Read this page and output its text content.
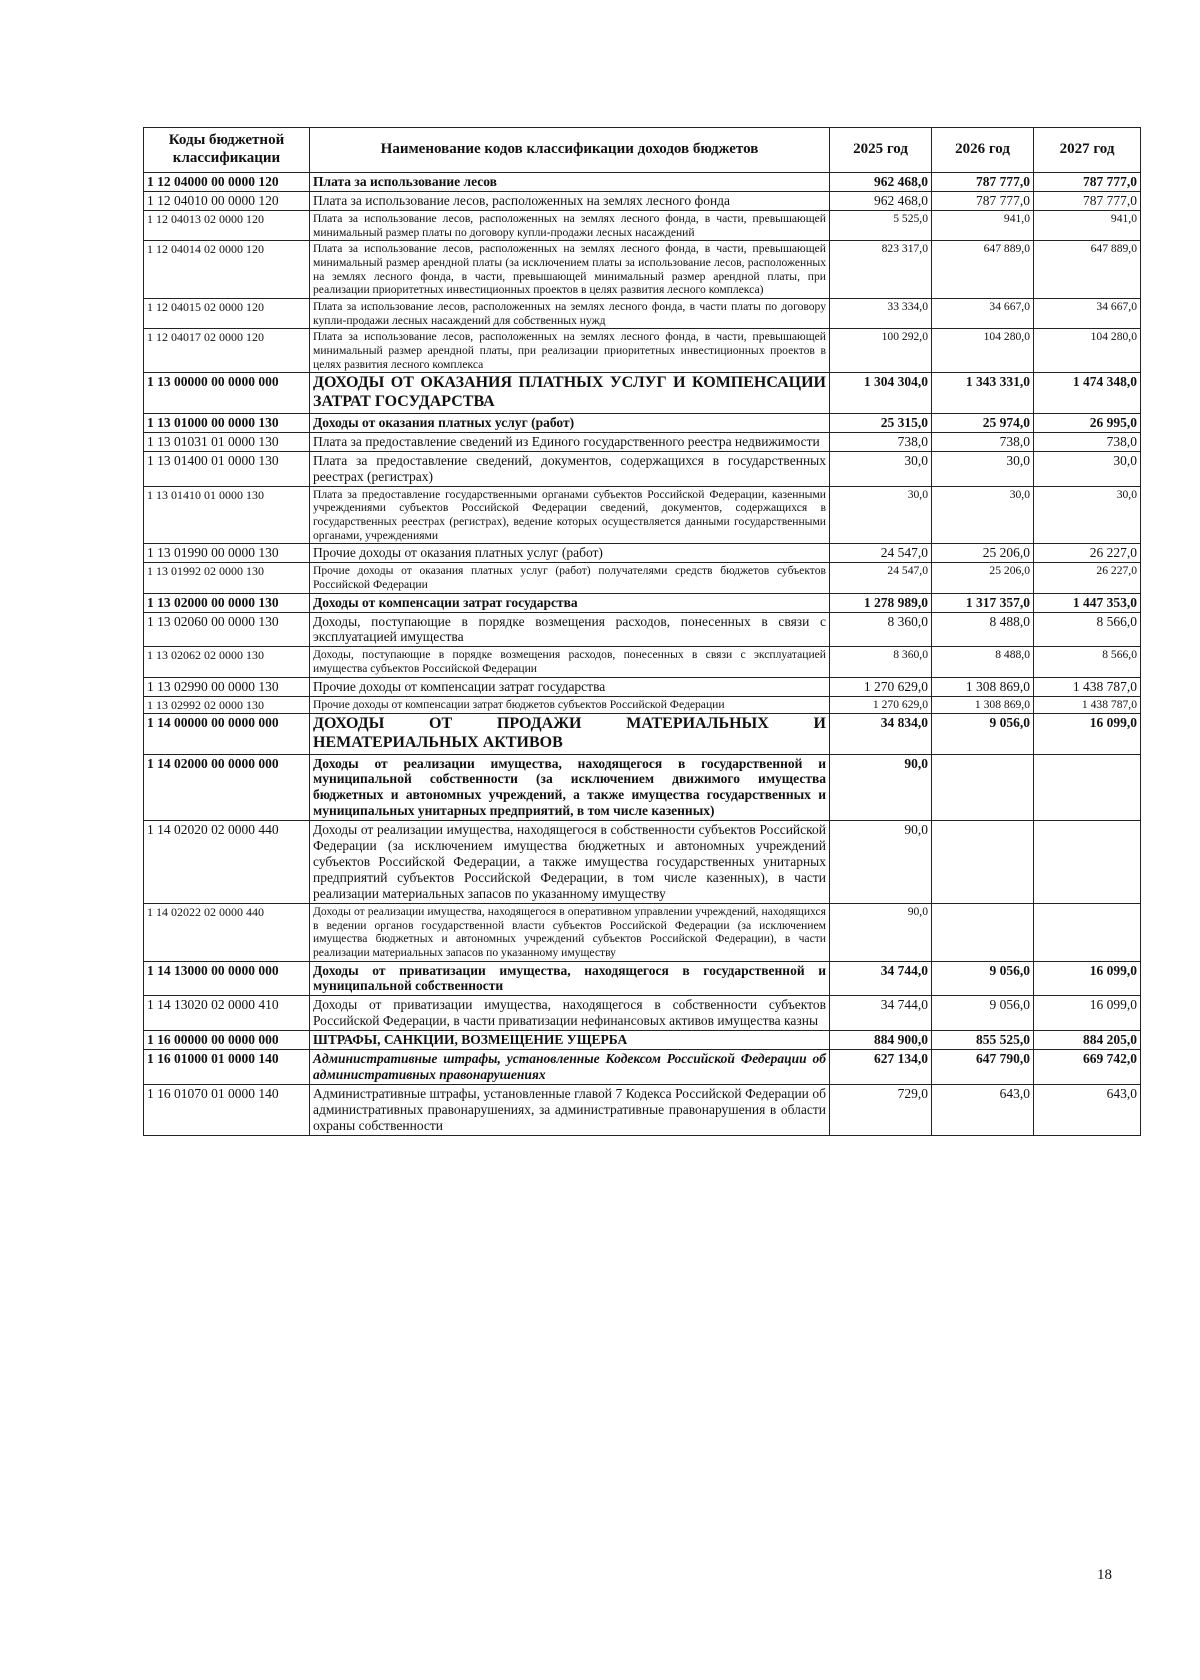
Коды бюджетной классификации	Наименование кодов классификации доходов бюджетов	2025 год	2026 год	2027 год
1 12 04000 00 0000 120	Плата за использование лесов	962 468,0	787 777,0	787 777,0
1 12 04010 00 0000 120	Плата за использование лесов, расположенных на землях лесного фонда	962 468,0	787 777,0	787 777,0
1 12 04013 02 0000 120	Плата за использование лесов, расположенных на землях лесного фонда, в части, превышающей минимальный размер платы по договору купли-продажи лесных насаждений	5 525,0	941,0	941,0
1 12 04014 02 0000 120	Плата за использование лесов, расположенных на землях лесного фонда, в части, превышающей минимальный размер арендной платы (за исключением платы за использование лесов, расположенных на землях лесного фонда, в части, превышающей минимальный размер арендной платы, при реализации приоритетных инвестиционных проектов в целях развития лесного комплекса)	823 317,0	647 889,0	647 889,0
1 12 04015 02 0000 120	Плата за использование лесов, расположенных на землях лесного фонда, в части платы по договору купли-продажи лесных насаждений для собственных нужд	33 334,0	34 667,0	34 667,0
1 12 04017 02 0000 120	Плата за использование лесов, расположенных на землях лесного фонда, в части, превышающей минимальный размер арендной платы, при реализации приоритетных инвестиционных проектов в целях развития лесного комплекса	100 292,0	104 280,0	104 280,0
1 13 00000 00 0000 000	ДОХОДЫ ОТ ОКАЗАНИЯ ПЛАТНЫХ УСЛУГ И КОМПЕНСАЦИИ ЗАТРАТ ГОСУДАРСТВА	1 304 304,0	1 343 331,0	1 474 348,0
1 13 01000 00 0000 130	Доходы от оказания платных услуг (работ)	25 315,0	25 974,0	26 995,0
1 13 01031 01 0000 130	Плата за предоставление сведений из Единого государственного реестра недвижимости	738,0	738,0	738,0
1 13 01400 01 0000 130	Плата за предоставление сведений, документов, содержащихся в государственных реестрах (регистрах)	30,0	30,0	30,0
1 13 01410 01 0000 130	Плата за предоставление государственными органами субъектов Российской Федерации, казенными учреждениями субъектов Российской Федерации сведений, документов, содержащихся в государственных реестрах (регистрах), ведение которых осуществляется данными государственными органами, учреждениями	30,0	30,0	30,0
1 13 01990 00 0000 130	Прочие доходы от оказания платных услуг (работ)	24 547,0	25 206,0	26 227,0
1 13 01992 02 0000 130	Прочие доходы от оказания платных услуг (работ) получателями средств бюджетов субъектов Российской Федерации	24 547,0	25 206,0	26 227,0
1 13 02000 00 0000 130	Доходы от компенсации затрат государства	1 278 989,0	1 317 357,0	1 447 353,0
1 13 02060 00 0000 130	Доходы, поступающие в порядке возмещения расходов, понесенных в связи с эксплуатацией имущества	8 360,0	8 488,0	8 566,0
1 13 02062 02 0000 130	Доходы, поступающие в порядке возмещения расходов, понесенных в связи с эксплуатацией имущества субъектов Российской Федерации	8 360,0	8 488,0	8 566,0
1 13 02990 00 0000 130	Прочие доходы от компенсации затрат государства	1 270 629,0	1 308 869,0	1 438 787,0
1 13 02992 02 0000 130	Прочие доходы от компенсации затрат бюджетов субъектов Российской Федерации	1 270 629,0	1 308 869,0	1 438 787,0
1 14 00000 00 0000 000	ДОХОДЫ ОТ ПРОДАЖИ МАТЕРИАЛЬНЫХ И НЕМАТЕРИАЛЬНЫХ АКТИВОВ	34 834,0	9 056,0	16 099,0
1 14 02000 00 0000 000	Доходы от реализации имущества, находящегося в государственной и муниципальной собственности (за исключением движимого имущества бюджетных и автономных учреждений, а также имущества государственных и муниципальных унитарных предприятий, в том числе казенных)	90,0		
1 14 02020 02 0000 440	Доходы от реализации имущества, находящегося в собственности субъектов Российской Федерации (за исключением имущества бюджетных и автономных учреждений субъектов Российской Федерации, а также имущества государственных унитарных предприятий субъектов Российской Федерации, в том числе казенных), в части реализации материальных запасов по указанному имуществу	90,0		
1 14 02022 02 0000 440	Доходы от реализации имущества, находящегося в оперативном управлении учреждений, находящихся в ведении органов государственной власти субъектов Российской Федерации (за исключением имущества бюджетных и автономных учреждений субъектов Российской Федерации), в части реализации материальных запасов по указанному имуществу	90,0		
1 14 13000 00 0000 000	Доходы от приватизации имущества, находящегося в государственной и муниципальной собственности	34 744,0	9 056,0	16 099,0
1 14 13020 02 0000 410	Доходы от приватизации имущества, находящегося в собственности субъектов Российской Федерации, в части приватизации нефинансовых активов имущества казны	34 744,0	9 056,0	16 099,0
1 16 00000 00 0000 000	ШТРАФЫ, САНКЦИИ, ВОЗМЕЩЕНИЕ УЩЕРБА	884 900,0	855 525,0	884 205,0
1 16 01000 01 0000 140	Административные штрафы, установленные Кодексом Российской Федерации об административных правонарушениях	627 134,0	647 790,0	669 742,0
1 16 01070 01 0000 140	Административные штрафы, установленные главой 7 Кодекса Российской Федерации об административных правонарушениях, за административные правонарушения в области охраны собственности	729,0	643,0	643,0
18
